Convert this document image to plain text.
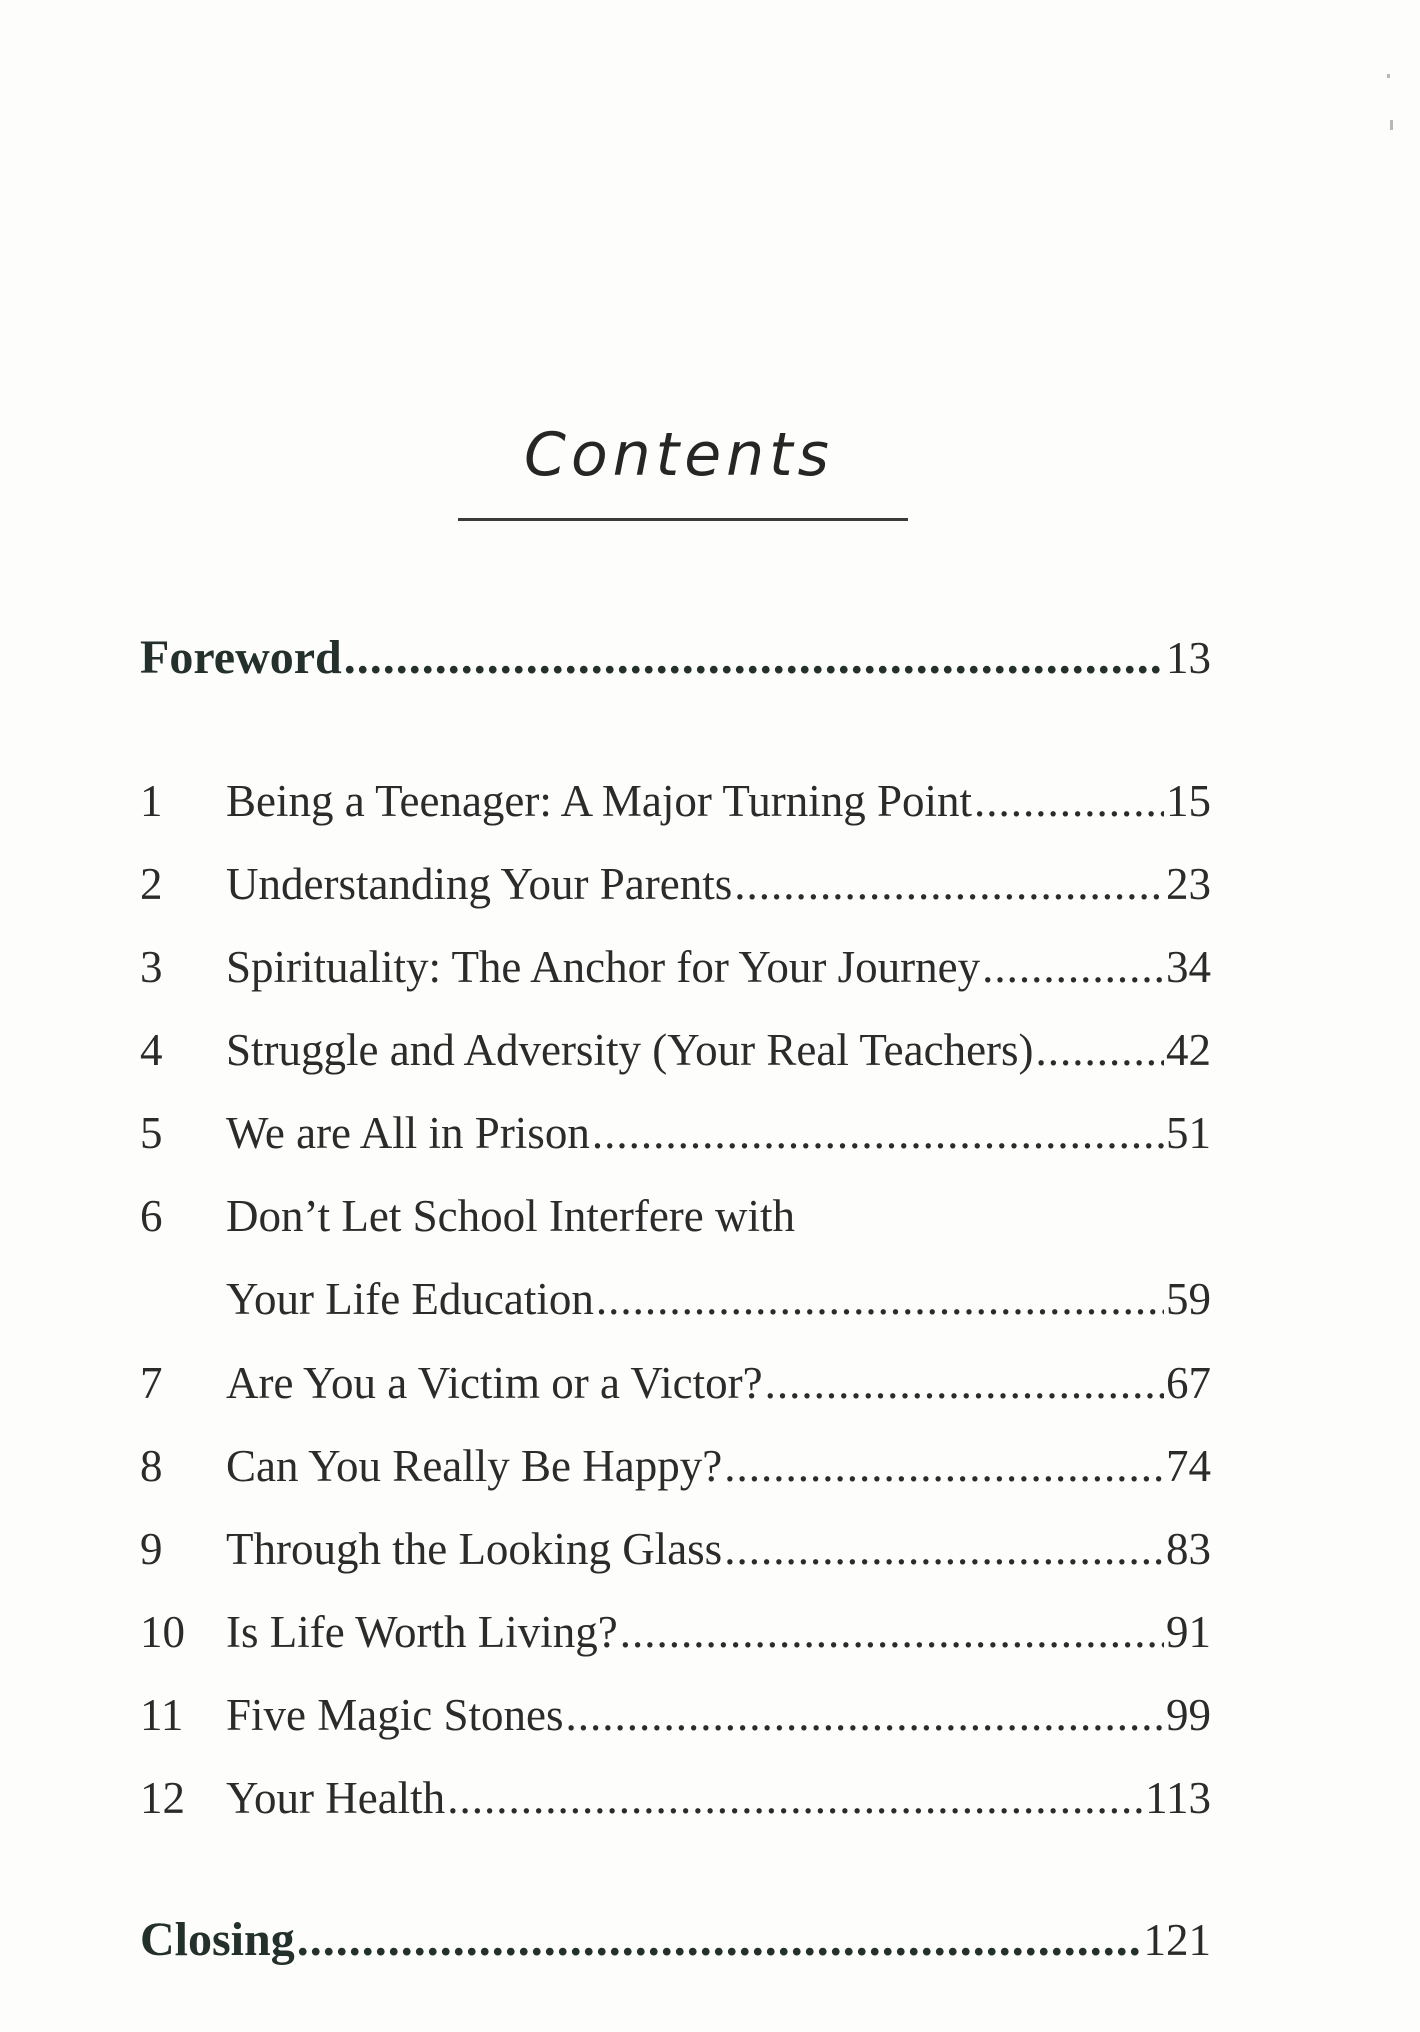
Contents
Foreword .....	13
1	Being a Teenager: A Major Turning Point .....	15
2	Understanding Your Parents .....	23
3	Spirituality: The Anchor for Your Journey .....	34
4	Struggle and Adversity (Your Real Teachers) .....	42
5	We are All in Prison .....	51
6	Don’t Let School Interfere with
Your Life Education .....	59
7	Are You a Victim or a Victor? .....	67
8	Can You Really Be Happy? .....	74
9	Through the Looking Glass .....	83
10 Is Life Worth Living? .....	91
11 Five Magic Stones .....	99
12 Your Health .....	113
Closing .....	121
